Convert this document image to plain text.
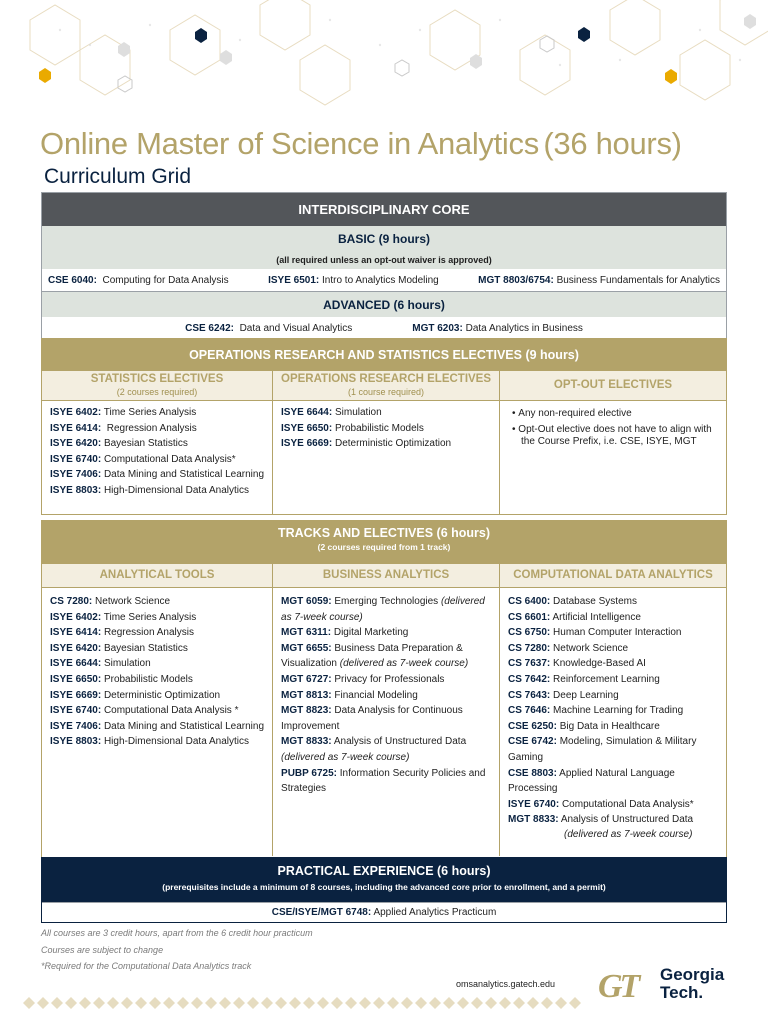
Online Master of Science in Analytics (36 hours)
Curriculum Grid
INTERDISCIPLINARY CORE
BASIC (9 hours)
(all required unless an opt-out waiver is approved)
CSE 6040: Computing for Data Analysis	ISYE 6501: Intro to Analytics Modeling	MGT 8803/6754: Business Fundamentals for Analytics
ADVANCED (6 hours)
CSE 6242: Data and Visual Analytics	MGT 6203: Data Analytics in Business
OPERATIONS RESEARCH AND STATISTICS ELECTIVES (9 hours)
STATISTICS ELECTIVES
(2 courses required)
ISYE 6402: Time Series Analysis
ISYE 6414: Regression Analysis
ISYE 6420: Bayesian Statistics
ISYE 6740: Computational Data Analysis*
ISYE 7406: Data Mining and Statistical Learning
ISYE 8803: High-Dimensional Data Analytics
OPERATIONS RESEARCH ELECTIVES
(1 course required)
ISYE 6644: Simulation
ISYE 6650: Probabilistic Models
ISYE 6669: Deterministic Optimization
OPT-OUT ELECTIVES
• Any non-required elective
• Opt-Out elective does not have to align with the Course Prefix, i.e. CSE, ISYE, MGT
TRACKS AND ELECTIVES (6 hours)
(2 courses required from 1 track)
ANALYTICAL TOOLS
CS 7280: Network Science
ISYE 6402: Time Series Analysis
ISYE 6414: Regression Analysis
ISYE 6420: Bayesian Statistics
ISYE 6644: Simulation
ISYE 6650: Probabilistic Models
ISYE 6669: Deterministic Optimization
ISYE 6740: Computational Data Analysis *
ISYE 7406: Data Mining and Statistical Learning
ISYE 8803: High-Dimensional Data Analytics
BUSINESS ANALYTICS
MGT 6059: Emerging Technologies (delivered as 7-week course)
MGT 6311: Digital Marketing
MGT 6655: Business Data Preparation & Visualization (delivered as 7-week course)
MGT 6727: Privacy for Professionals
MGT 8813: Financial Modeling
MGT 8823: Data Analysis for Continuous Improvement
MGT 8833: Analysis of Unstructured Data (delivered as 7-week course)
PUBP 6725: Information Security Policies and Strategies
COMPUTATIONAL DATA ANALYTICS
CS 6400: Database Systems
CS 6601: Artificial Intelligence
CS 6750: Human Computer Interaction
CS 7280: Network Science
CS 7637: Knowledge-Based AI
CS 7642: Reinforcement Learning
CS 7643: Deep Learning
CS 7646: Machine Learning for Trading
CSE 6250: Big Data in Healthcare
CSE 6742: Modeling, Simulation & Military Gaming
CSE 8803: Applied Natural Language Processing
ISYE 6740: Computational Data Analysis*
MGT 8833: Analysis of Unstructured Data
(delivered as 7-week course)
PRACTICAL EXPERIENCE (6 hours)
(prerequisites include a minimum of 8 courses, including the advanced core prior to enrollment, and a permit)
CSE/ISYE/MGT 6748: Applied Analytics Practicum
All courses are 3 credit hours, apart from the 6 credit hour practicum
Courses are subject to change
*Required for the Computational Data Analytics track
omsanalytics.gatech.edu GT Georgia
Tech.
